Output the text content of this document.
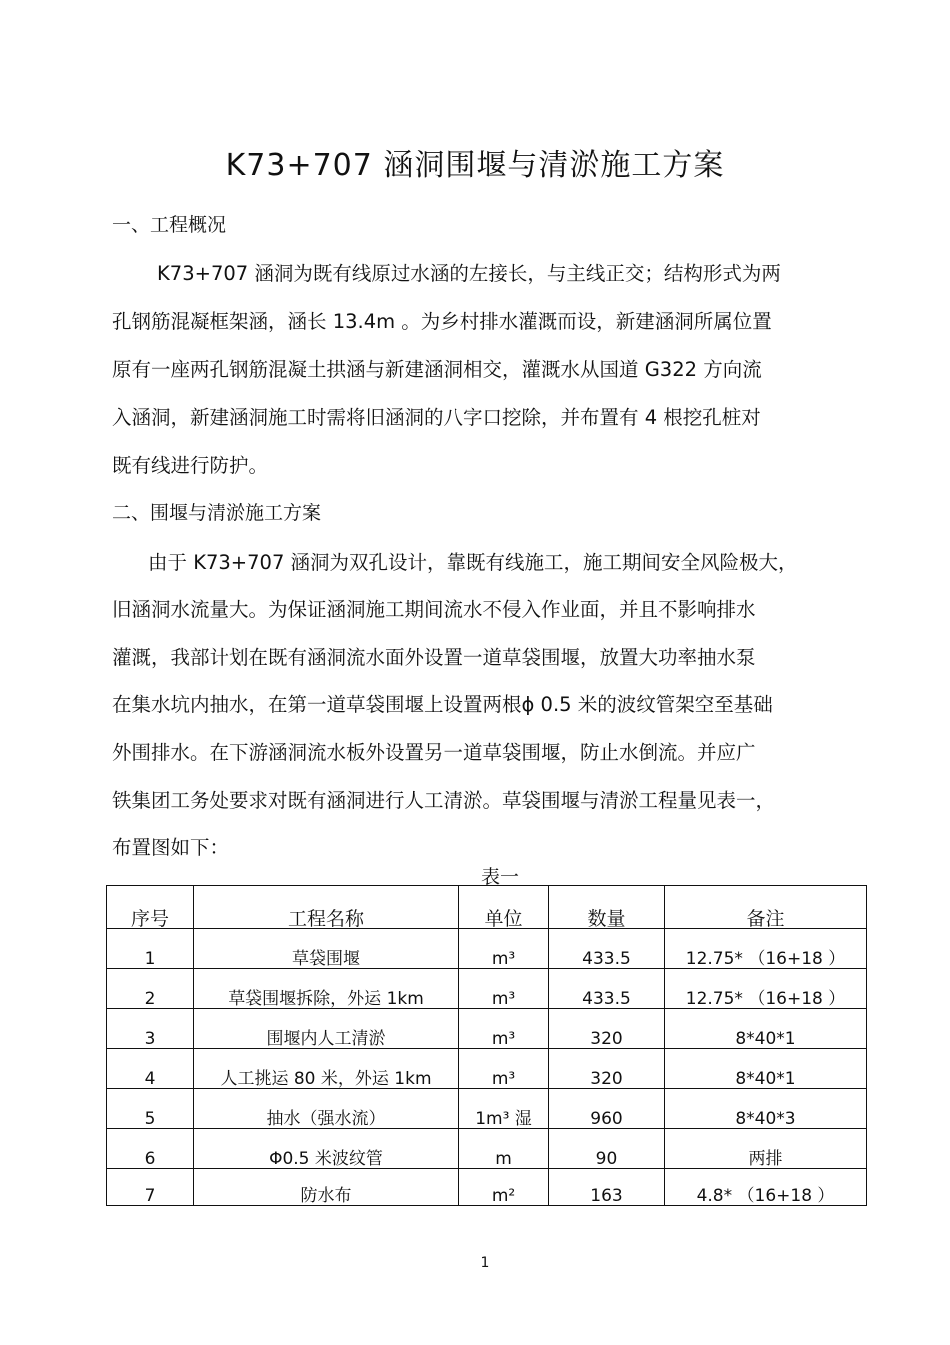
K73+707 涵洞围堰与清淤施工方案
一、工程概况
K73+707 涵洞为既有线原过水涵的左接长，与主线正交；结构形式为两
孔钢筋混凝框架涵，涵长 13.4m 。为乡村排水灌溉而设，新建涵洞所属位置
原有一座两孔钢筋混凝土拱涵与新建涵洞相交，灌溉水从国道 G322 方向流
入涵洞，新建涵洞施工时需将旧涵洞的八字口挖除，并布置有 4 根挖孔桩对
既有线进行防护。
二、围堰与清淤施工方案
由于 K73+707 涵洞为双孔设计，靠既有线施工，施工期间安全风险极大，
旧涵洞水流量大。为保证涵洞施工期间流水不侵入作业面，并且不影响排水
灌溉，我部计划在既有涵洞流水面外设置一道草袋围堰，放置大功率抽水泵
在集水坑内抽水，在第一道草袋围堰上设置两根ϕ 0.5 米的波纹管架空至基础
外围排水。在下游涵洞流水板外设置另一道草袋围堰，防止水倒流。并应广
铁集团工务处要求对既有涵洞进行人工清淤。草袋围堰与清淤工程量见表一，
布置图如下：
表一
序号	工程名称	单位	数量	备注
1	草袋围堰	m³	433.5	12.75* （16+18 ）
2	草袋围堰拆除，外运 1km	m³	433.5	12.75* （16+18 ）
3	围堰内人工清淤	m³	320	8*40*1
4	人工挑运 80 米，外运 1km	m³	320	8*40*1
5	抽水（强水流）	1m³ 湿	960	8*40*3
6	Φ0.5 米波纹管	m	90	两排
7	防水布	m²	163	4.8* （16+18 ）
1
